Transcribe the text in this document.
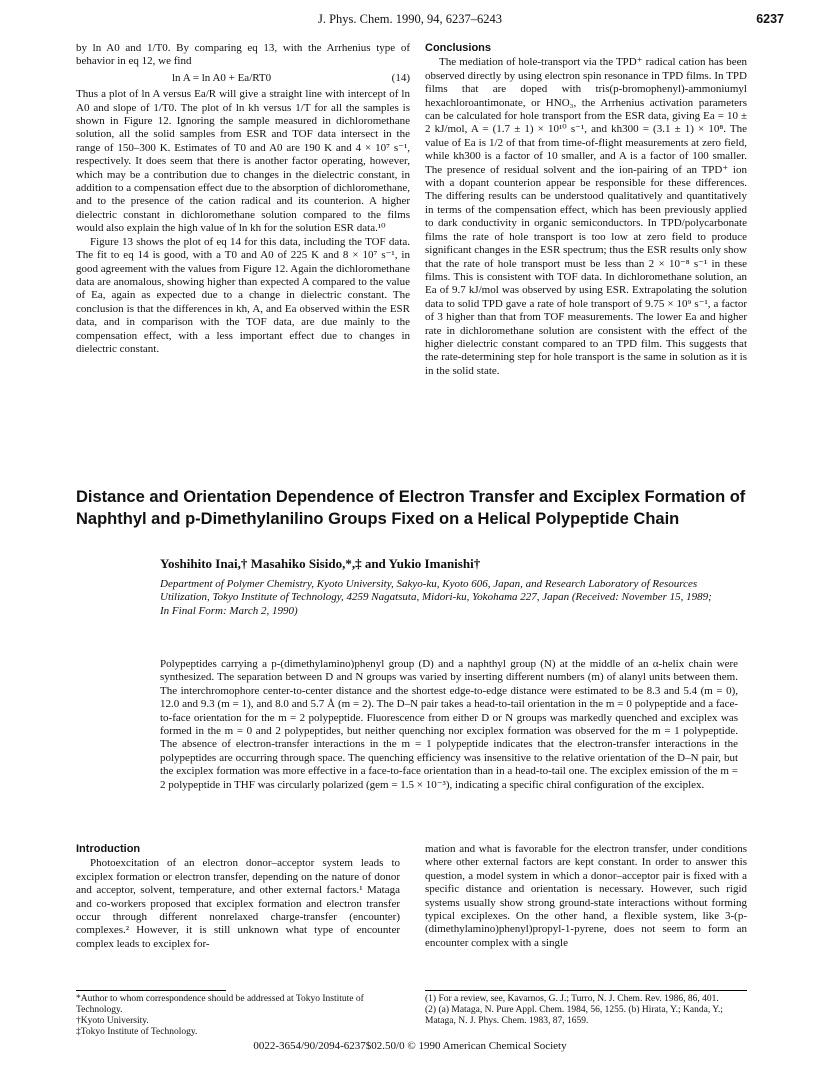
J. Phys. Chem. 1990, 94, 6237–6243	6237

by ln A0 and 1/T0. By comparing eq 13, with the Arrhenius type of behavior in eq 12, we find

ln A = ln A0 + Ea/RT0	(14)

Thus a plot of ln A versus Ea/R will give a straight line with intercept of ln A0 and slope of 1/T0. The plot of ln kh versus 1/T for all the samples is shown in Figure 12. Ignoring the sample measured in dichloromethane solution, all the solid samples from ESR and TOF data intersect in the range of 150–300 K. Estimates of T0 and A0 are 190 K and 4 × 10⁷ s⁻¹, respectively. It does seem that there is another factor operating, however, which may be a contribution due to changes in the dielectric constant, in addition to a compensation effect due to the absorption of dichloromethane, and to the presence of the cation radical and its counterion. A higher dielectric constant in dichloromethane solution compared to the films would also explain the high value of ln kh for the solution ESR data.¹⁰

Figure 13 shows the plot of eq 14 for this data, including the TOF data. The fit to eq 14 is good, with a T0 and A0 of 225 K and 8 × 10⁷ s⁻¹, in good agreement with the values from Figure 12. Again the dichloromethane data are anomalous, showing higher than expected A compared to the value of Ea, again as expected due to a change in dielectric constant. The conclusion is that the differences in kh, A, and Ea observed within the ESR data, and in comparison with the TOF data, are due mainly to the compensation effect, with a less important effect due to changes in dielectric constant.

Conclusions

The mediation of hole-transport via the TPD⁺ radical cation has been observed directly by using electron spin resonance in TPD films. In TPD films that are doped with tris(p-bromophenyl)-ammoniumyl hexachloroantimonate, or HNO₃, the Arrhenius activation parameters can be calculated for hole transport from the ESR data, giving Ea = 10 ± 2 kJ/mol, A = (1.7 ± 1) × 10¹⁰ s⁻¹, and kh300 = (3.1 ± 1) × 10⁸. The value of Ea is 1/2 of that from time-of-flight measurements at zero field, while kh300 is a factor of 10 smaller, and A is a factor of 100 smaller. The presence of residual solvent and the ion-pairing of an TPD⁺ ion with a dopant counterion appear be responsible for these differences. The differing results can be understood qualitatively and quantitatively in terms of the compensation effect, which has been previously applied to dark conductivity in organic semiconductors. In TPD/polycarbonate films the rate of hole transport is too low at zero field to produce significant changes in the ESR spectrum; thus the ESR results only show that the rate of hole transport must be less than 2 × 10⁻⁸ s⁻¹ in these films. This is consistent with TOF data. In dichloromethane solution, an Ea of 9.7 kJ/mol was observed by using ESR. Extrapolating the solution data to solid TPD gave a rate of hole transport of 9.75 × 10⁹ s⁻¹, a factor of 3 higher than that from TOF measurements. The lower Ea and higher rate in dichloromethane solution are consistent with the effect of the higher dielectric constant compared to an TPD film. This suggests that the rate-determining step for hole transport is the same in solution as it is in the solid state.

Distance and Orientation Dependence of Electron Transfer and Exciplex Formation of Naphthyl and p-Dimethylanilino Groups Fixed on a Helical Polypeptide Chain
Yoshihito Inai,† Masahiko Sisido,*,‡ and Yukio Imanishi†
Department of Polymer Chemistry, Kyoto University, Sakyo-ku, Kyoto 606, Japan, and Research Laboratory of Resources Utilization, Tokyo Institute of Technology, 4259 Nagatsuta, Midori-ku, Yokohama 227, Japan (Received: November 15, 1989; In Final Form: March 2, 1990)
Polypeptides carrying a p-(dimethylamino)phenyl group (D) and a naphthyl group (N) at the middle of an α-helix chain were synthesized. The separation between D and N groups was varied by inserting different numbers (m) of alanyl units between them. The interchromophore center-to-center distance and the shortest edge-to-edge distance were estimated to be 8.3 and 5.4 (m = 0), 12.0 and 9.3 (m = 1), and 8.0 and 5.7 Å (m = 2). The D–N pair takes a head-to-tail orientation in the m = 0 polypeptide and a face-to-face orientation for the m = 2 polypeptide. Fluorescence from either D or N groups was markedly quenched and exciplex was formed in the m = 0 and 2 polypeptides, but neither quenching nor exciplex formation was observed for the m = 1 polypeptide. The absence of electron-transfer interactions in the m = 1 polypeptide indicates that the electron-transfer interactions in the polypeptides are occurring through space. The quenching efficiency was insensitive to the relative orientation of the D–N pair, but the exciplex formation was more effective in a face-to-face orientation than in a head-to-tail one. The exciplex emission of the m = 2 polypeptide in THF was circularly polarized (gem = 1.5 × 10⁻³), indicating a specific chiral configuration of the exciplex.
Introduction

Photoexcitation of an electron donor–acceptor system leads to exciplex formation or electron transfer, depending on the nature of donor and acceptor, solvent, temperature, and other external factors.¹ Mataga and co-workers proposed that exciplex formation and electron transfer occur through different nonrelaxed charge-transfer (encounter) complexes.² However, it is still unknown what type of encounter complex leads to exciplex for-

mation and what is favorable for the electron transfer, under conditions where other external factors are kept constant. In order to answer this question, a model system in which a donor–acceptor pair is fixed with a specific distance and orientation is necessary. However, such rigid systems usually show strong ground-state interactions without forming typical exciplexes. On the other hand, a flexible system, like 3-(p-(dimethylamino)phenyl)propyl-1-pyrene, does not seem to form an encounter complex with a single

*Author to whom correspondence should be addressed at Tokyo Institute of Technology.

†Kyoto University.

‡Tokyo Institute of Technology.

(1) For a review, see, Kavarnos, G. J.; Turro, N. J. Chem. Rev. 1986, 86, 401.

(2) (a) Mataga, N. Pure Appl. Chem. 1984, 56, 1255. (b) Hirata, Y.; Kanda, Y.; Mataga, N. J. Phys. Chem. 1983, 87, 1659.

0022-3654/90/2094-6237$02.50/0 © 1990 American Chemical Society
